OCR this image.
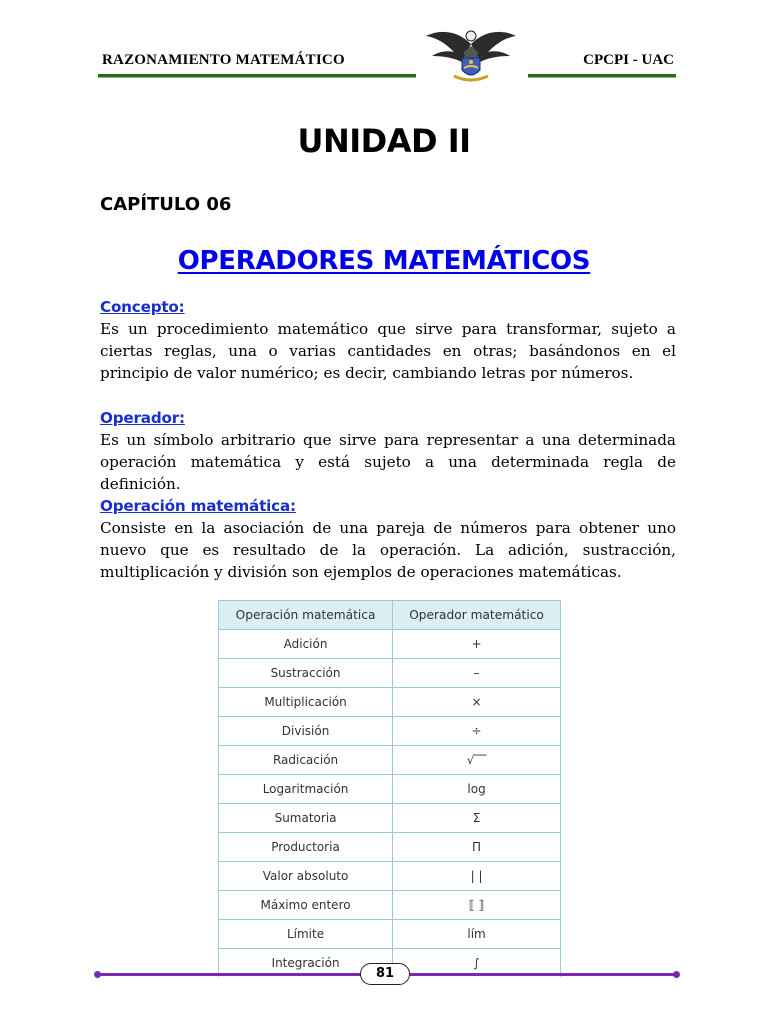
RAZONAMIENTO MATEMÁTICO	CPCPI - UAC
UNIDAD II
CAPÍTULO 06
OPERADORES MATEMÁTICOS
Concepto:

Es un procedimiento matemático que sirve para transformar, sujeto a ciertas reglas, una o varias cantidades en otras; basándonos en el principio de valor numérico; es decir, cambiando letras por números.

Operador:

Es un símbolo arbitrario que sirve para representar a una determinada operación matemática y está sujeto a una determinada regla de definición.

Operación matemática:

Consiste en la asociación de una pareja de números para obtener uno nuevo que es resultado de la operación. La adición, sustracción, multiplicación y división son ejemplos de operaciones matemáticas.

Operación matemática	Operador matemático
Adición	+
Sustracción	–
Multiplicación	×
División	÷
Radicación	√‾‾
Logaritmación	log
Sumatoria	Σ
Productoria	Π
Valor absoluto	| |
Máximo entero	⟦ ⟧
Límite	lím
Integración	∫
81
